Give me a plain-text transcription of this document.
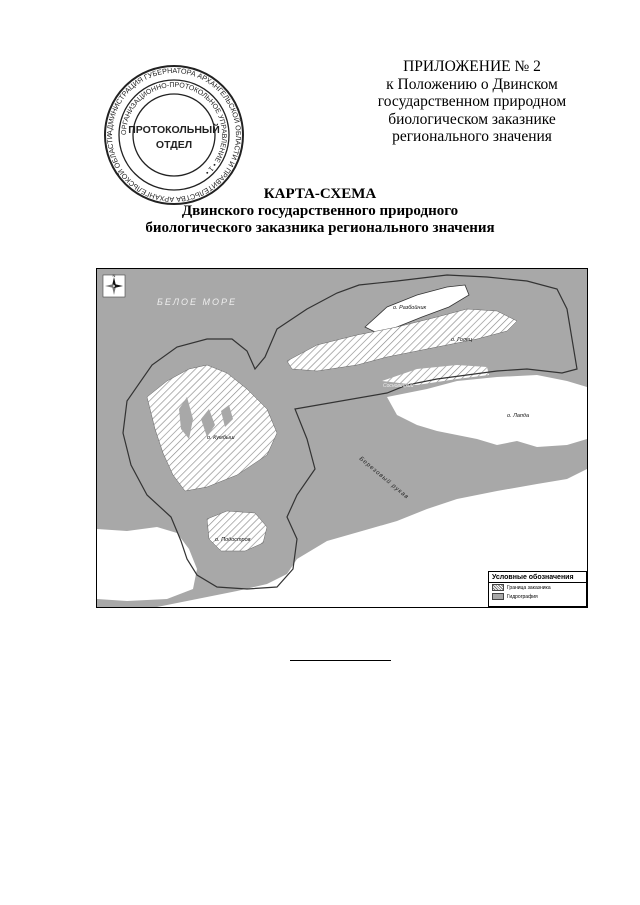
АДМИНИСТРАЦИЯ ГУБЕРНАТОРА АРХАНГЕЛЬСКОЙ ОБЛАСТИ И ПРАВИТЕЛЬСТВА АРХАНГЕЛЬСКОЙ ОБЛАСТИ
ОРГАНИЗАЦИОННО-ПРОТОКОЛЬНОЕ УПРАВЛЕНИЕ • 1 •
ПРОТОКОЛЬНЫЙ
ОТДЕЛ
ПРИЛОЖЕНИЕ № 2
к Положению о Двинском
государственном природном
биологическом заказнике
регионального значения
КАРТА-СХЕМА
Двинского государственного природного
биологического заказника регионального значения
N
БЕЛОЕ МОРЕ
о. Разбойник
о. Голец
Сосновецкий
о. Лапда
о. Кумбыш
о. Подостров
Березовый рукав
Условные обозначения
Граница заказника
Гидрография
